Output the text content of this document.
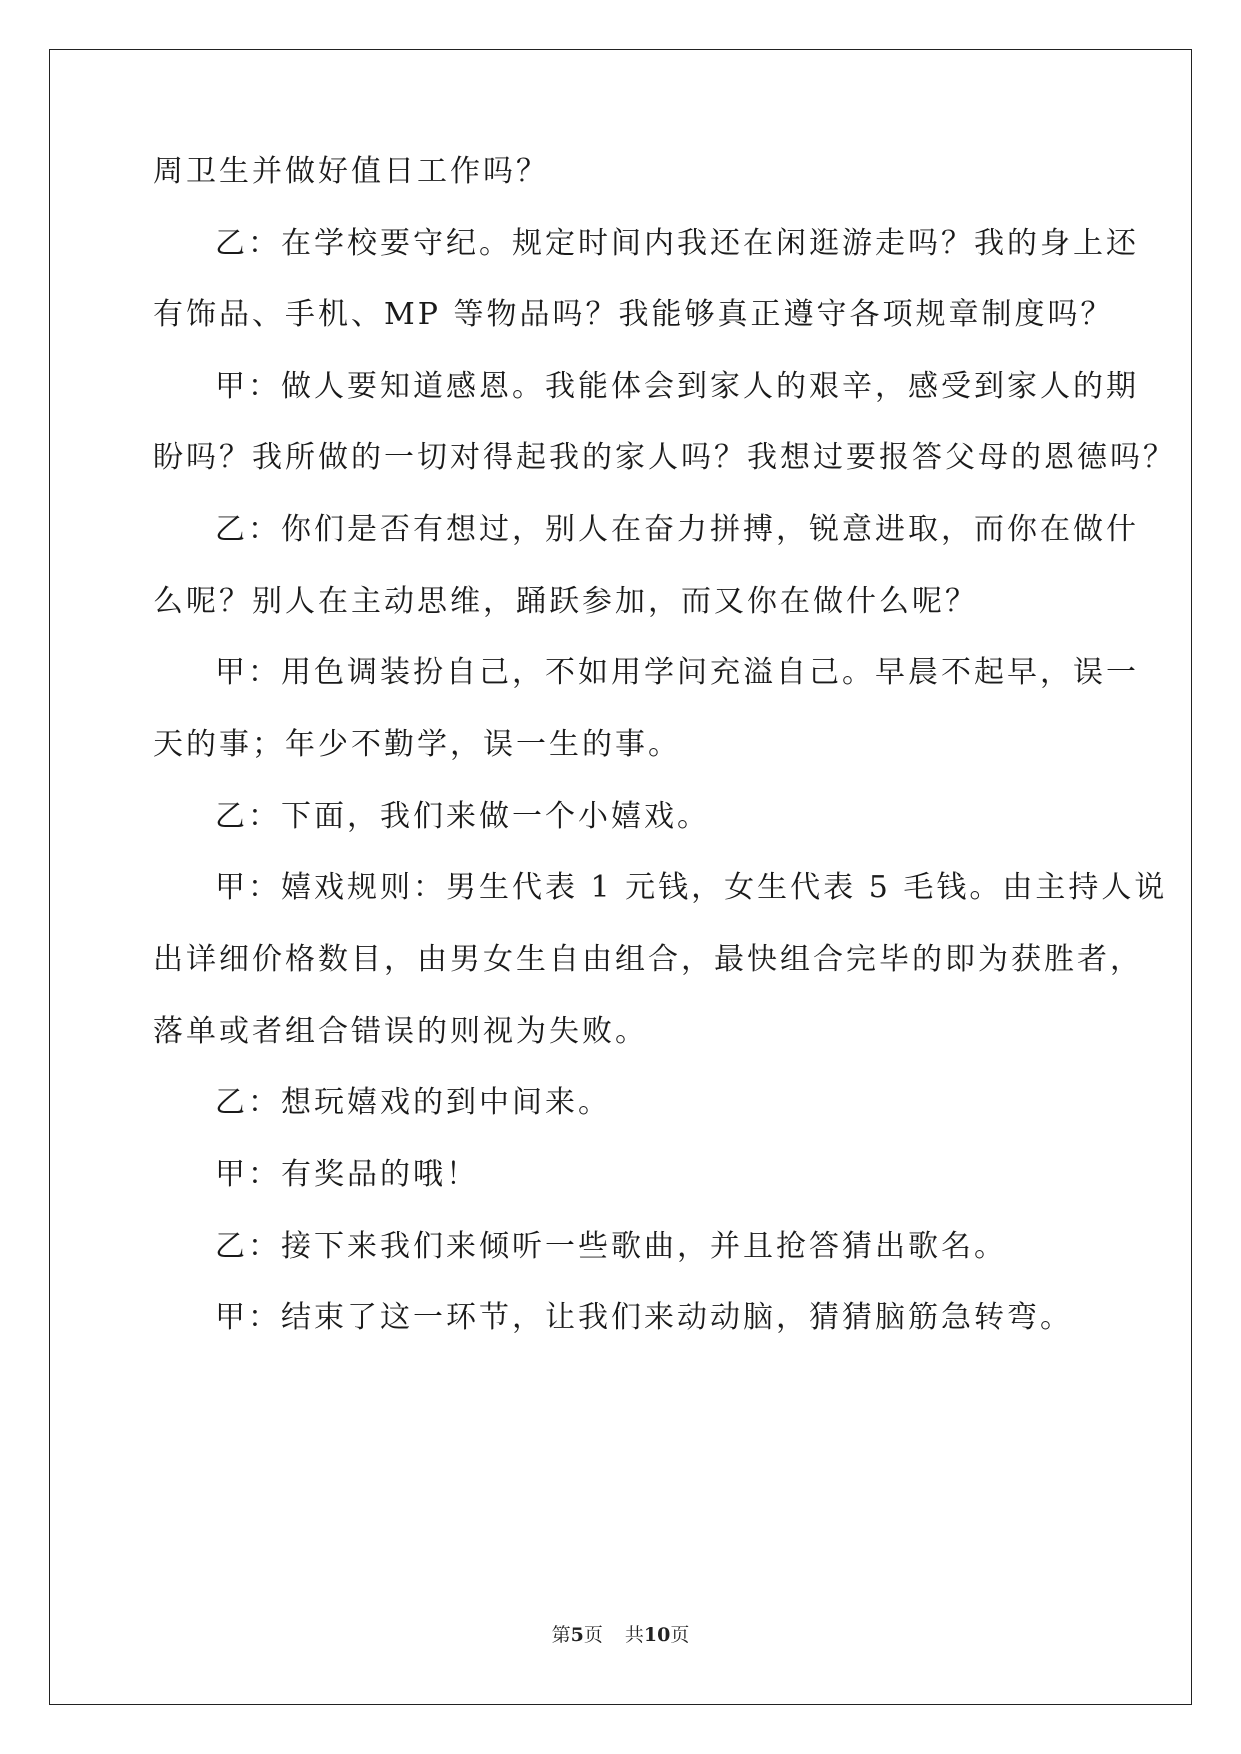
周卫生并做好值日工作吗？
乙：在学校要守纪。规定时间内我还在闲逛游走吗？我的身上还
有饰品、手机、MP 等物品吗？我能够真正遵守各项规章制度吗？
甲：做人要知道感恩。我能体会到家人的艰辛，感受到家人的期
盼吗？我所做的一切对得起我的家人吗？我想过要报答父母的恩德吗？
乙：你们是否有想过，别人在奋力拼搏，锐意进取，而你在做什
么呢？别人在主动思维，踊跃参加，而又你在做什么呢？
甲：用色调装扮自己，不如用学问充溢自己。早晨不起早，误一
天的事；年少不勤学，误一生的事。
乙：下面，我们来做一个小嬉戏。
甲：嬉戏规则：男生代表 1 元钱，女生代表 5 毛钱。由主持人说
出详细价格数目，由男女生自由组合，最快组合完毕的即为获胜者，
落单或者组合错误的则视为失败。
乙：想玩嬉戏的到中间来。
甲：有奖品的哦！
乙：接下来我们来倾听一些歌曲，并且抢答猜出歌名。
甲：结束了这一环节，让我们来动动脑，猜猜脑筋急转弯。
第5页 共10页
